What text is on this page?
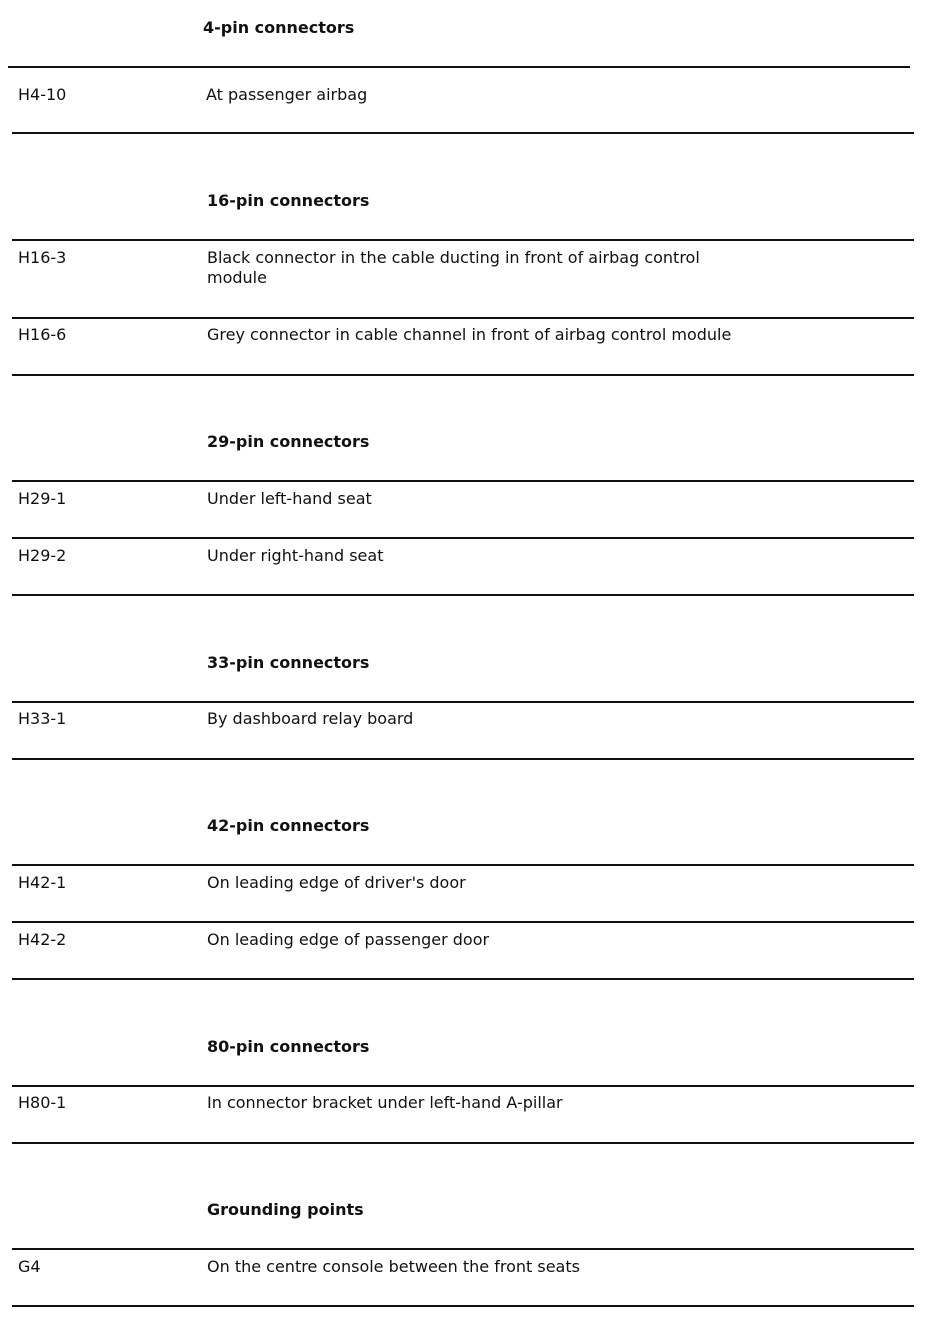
4-pin connectors
H4-10	At passenger airbag
16-pin connectors
H16-3	Black connector in the cable ducting in front of airbag control module
H16-6	Grey connector in cable channel in front of airbag control module
29-pin connectors
H29-1	Under left-hand seat
H29-2	Under right-hand seat
33-pin connectors
H33-1	By dashboard relay board
42-pin connectors
H42-1	On leading edge of driver's door
H42-2	On leading edge of passenger door
80-pin connectors
H80-1	In connector bracket under left-hand A-pillar
Grounding points
G4	On the centre console between the front seats
